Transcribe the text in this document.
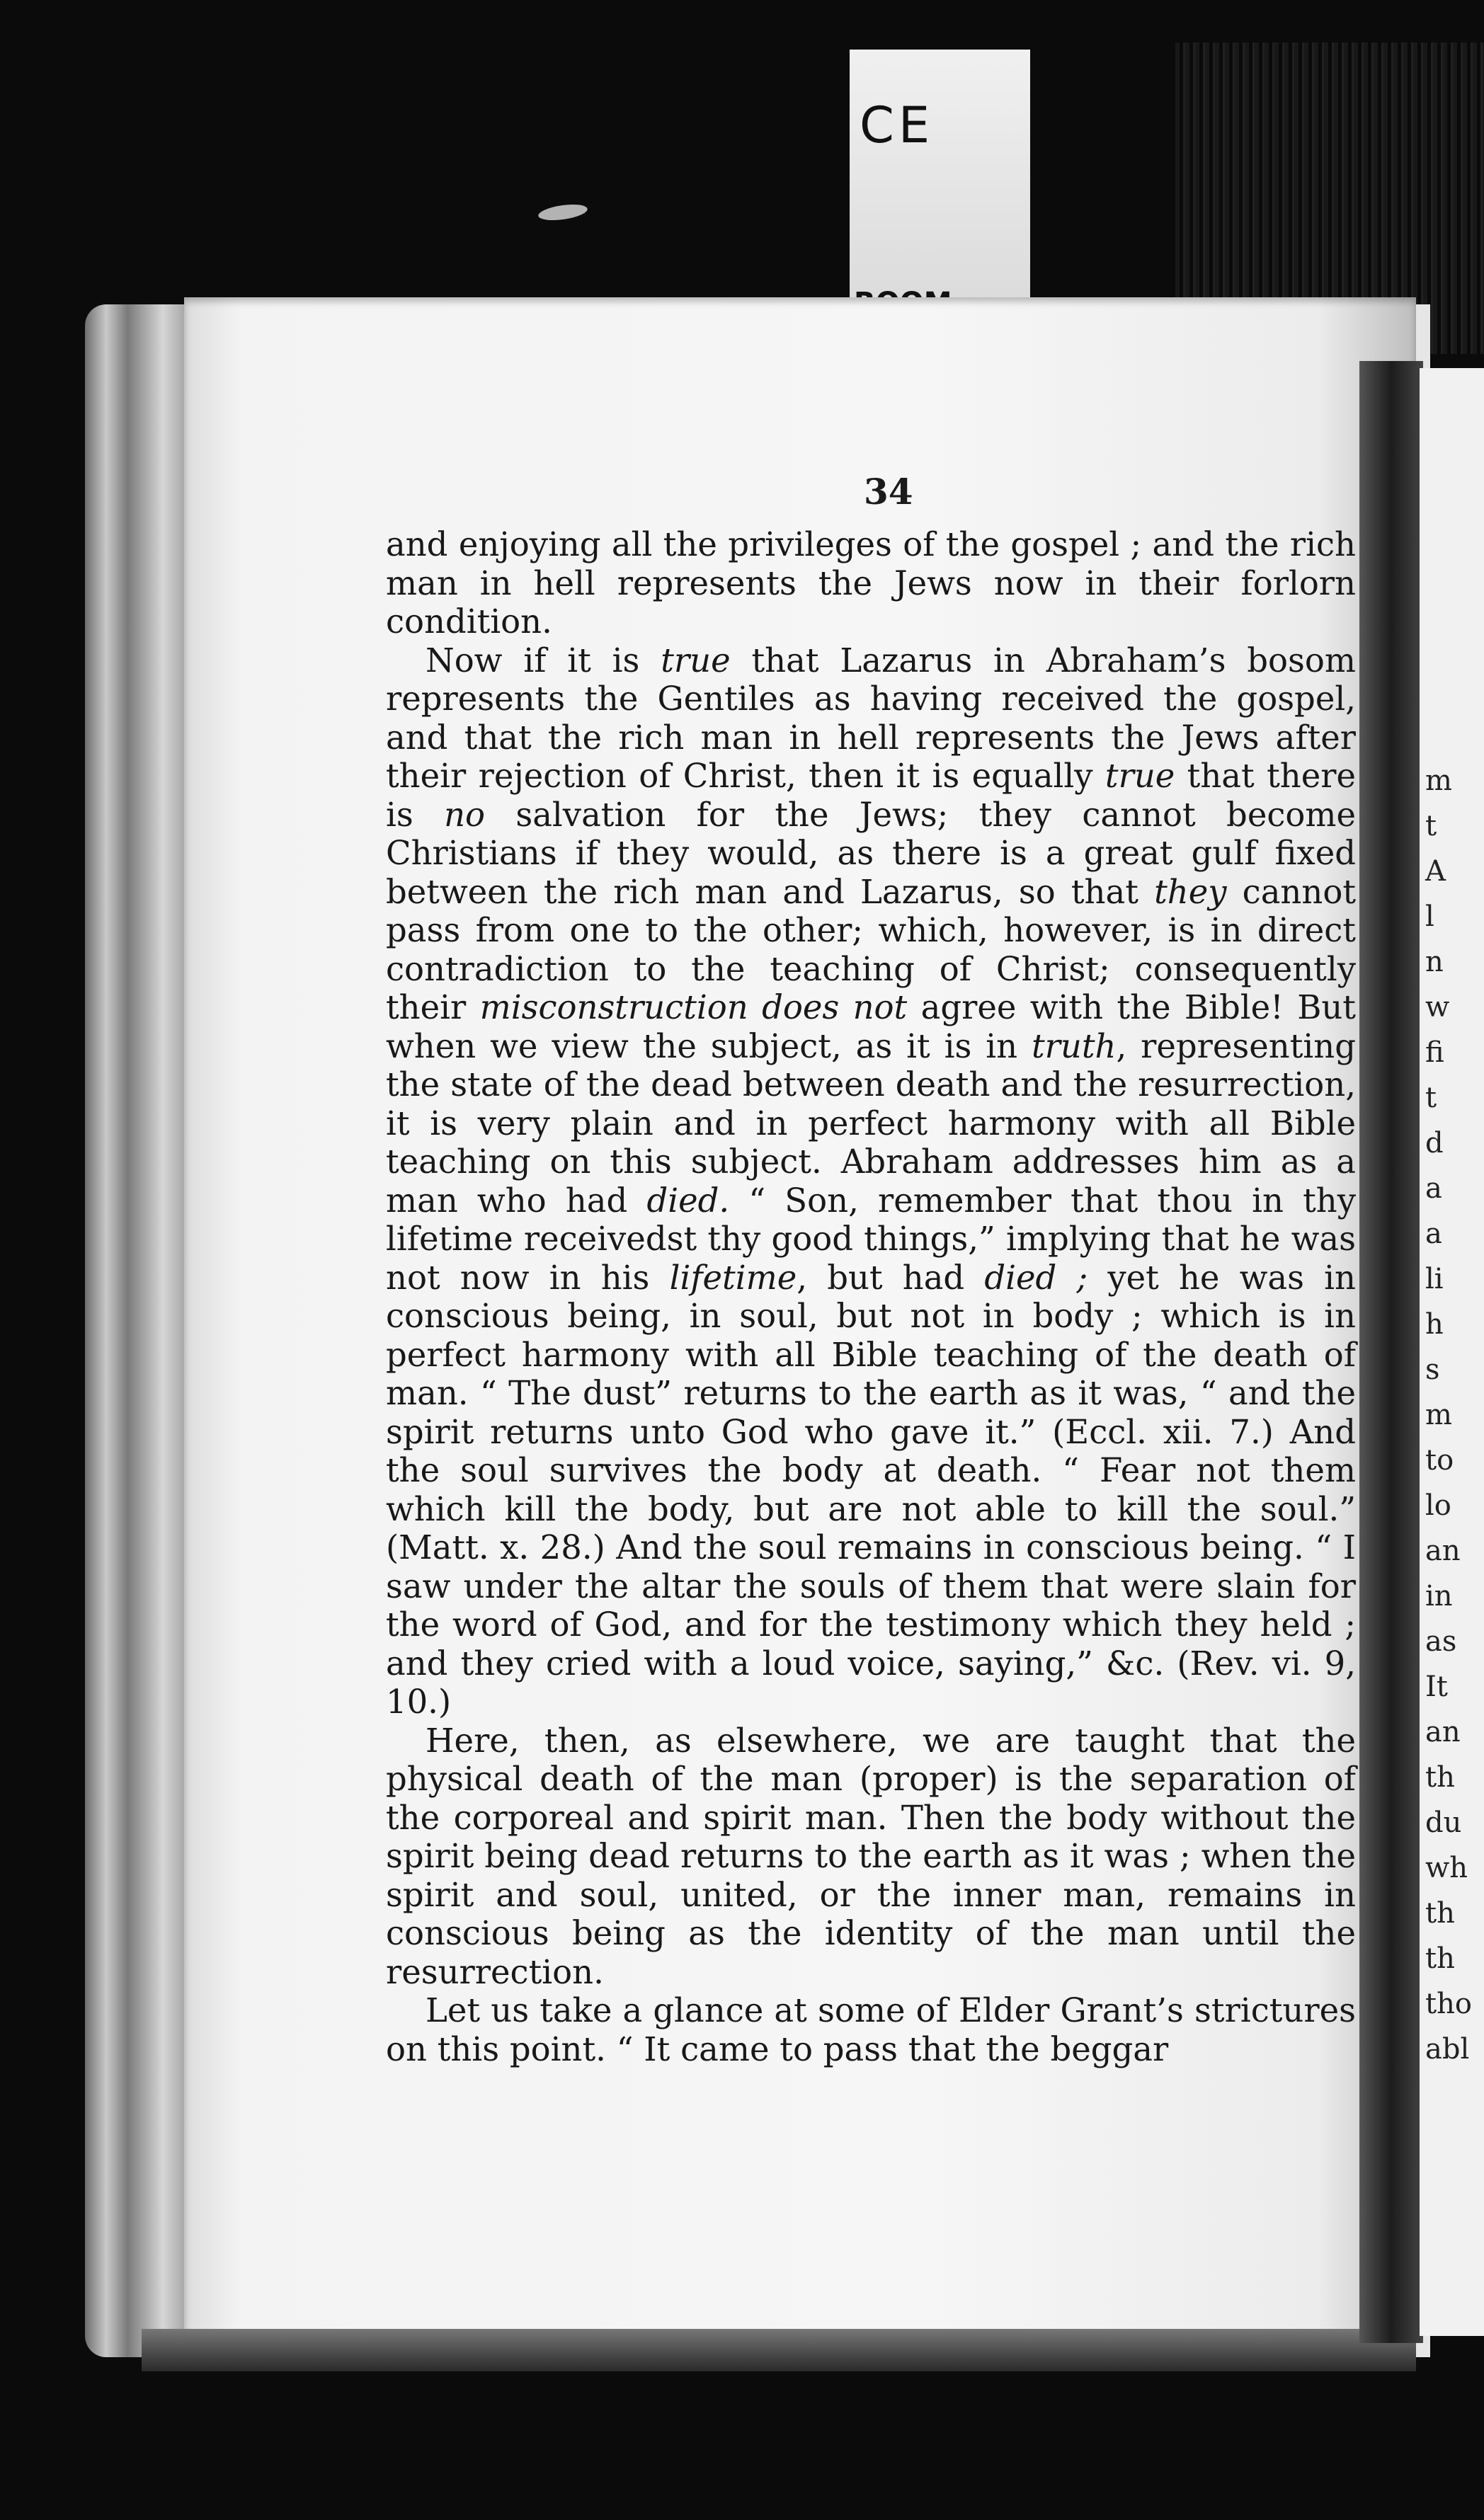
CE
m
t
A
l
n
w
fi
t
d
a
a
li
h
s
m
to
lo
an
in
as
It
an
th
du
wh
th
th
tho
abl
34

and enjoying all the privileges of the gospel ; and the rich man in hell represents the Jews now in their forlorn condition.

Now if it is true that Lazarus in Abraham’s bosom represents the Gentiles as having received the gospel, and that the rich man in hell represents the Jews after their rejection of Christ, then it is equally true that there is no salvation for the Jews; they cannot become Christians if they would, as there is a great gulf fixed between the rich man and Lazarus, so that they cannot pass from one to the other; which, however, is in direct contradiction to the teaching of Christ; consequently their misconstruction does not agree with the Bible! But when we view the subject, as it is in truth, representing the state of the dead between death and the resurrection, it is very plain and in perfect harmony with all Bible teaching on this subject. Abraham addresses him as a man who had died. “ Son, remember that thou in thy lifetime receivedst thy good things,” implying that he was not now in his lifetime, but had died ; yet he was in conscious being, in soul, but not in body ; which is in perfect harmony with all Bible teaching of the death of man. “ The dust” returns to the earth as it was, “ and the spirit returns unto God who gave it.” (Eccl. xii. 7.) And the soul survives the body at death. “ Fear not them which kill the body, but are not able to kill the soul.” (Matt. x. 28.) And the soul remains in conscious being. “ I saw under the altar the souls of them that were slain for the word of God, and for the testimony which they held ; and they cried with a loud voice, saying,” &c. (Rev. vi. 9, 10.)

Here, then, as elsewhere, we are taught that the physical death of the man (proper) is the separation of the corporeal and spirit man. Then the body without the spirit being dead returns to the earth as it was ; when the spirit and soul, united, or the inner man, remains in conscious being as the identity of the man until the resurrection.

Let us take a glance at some of Elder Grant’s strictures on this point. “ It came to pass that the beggar
